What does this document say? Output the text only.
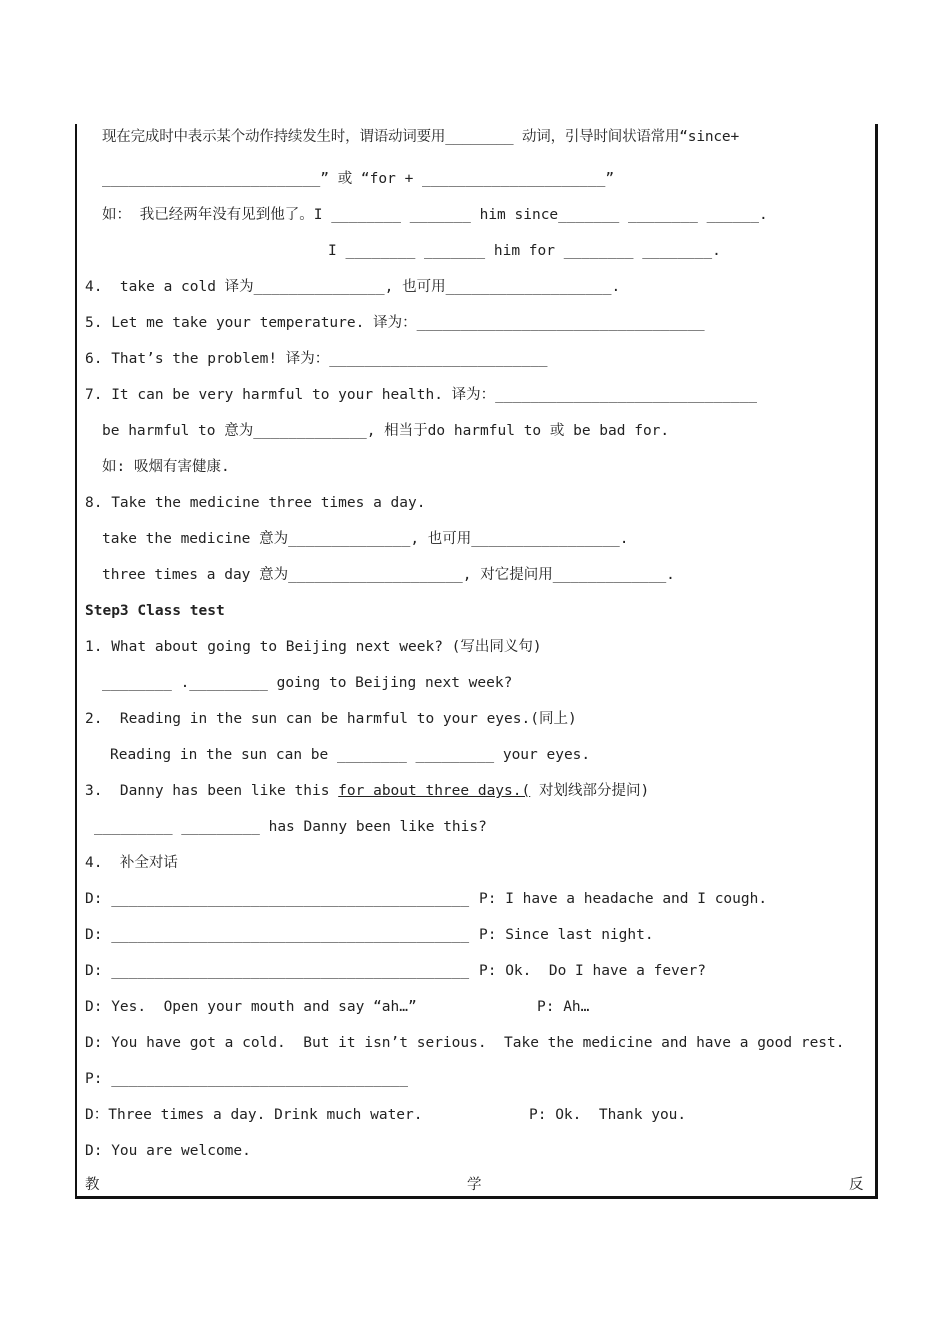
现在完成时中表示某个动作持续发生时，谓语动词要用________ 动词，引导时间状语常用“since+
_________________________” 或 “for + _____________________”
如： 我已经两年没有见到他了。I ________ _______ him since_______ ________ ______.
I ________ _______ him for ________ ________.
4.  take a cold 译为_______________, 也可用___________________.
5. Let me take your temperature. 译为：_________________________________
6. That’s the problem! 译为：_________________________
7. It can be very harmful to your health. 译为：______________________________
be harmful to 意为_____________, 相当于do harmful to 或 be bad for.
如: 吸烟有害健康.
8. Take the medicine three times a day.
take the medicine 意为______________, 也可用_________________.
three times a day 意为____________________, 对它提问用_____________.
Step3 Class test
1. What about going to Beijing next week? (写出同义句)
________ ._________ going to Beijing next week?
2.  Reading in the sun can be harmful to your eyes.(同上)
Reading in the sun can be ________ _________ your eyes.
3.  Danny has been like this for about three days.( 对划线部分提问)
_________ _________ has Danny been like this?
4.  补全对话
D: _________________________________________ P: I have a headache and I cough.
D: _________________________________________ P: Since last night.
D: _________________________________________ P: Ok.  Do I have a fever?
D: Yes.  Open your mouth and say “ah…”	P: Ah…
D: You have got a cold.  But it isn’t serious.  Take the medicine and have a good rest.
P: __________________________________
D：Three times a day. Drink much water.	P: Ok.  Thank you.
D: You are welcome.
教	学	反
